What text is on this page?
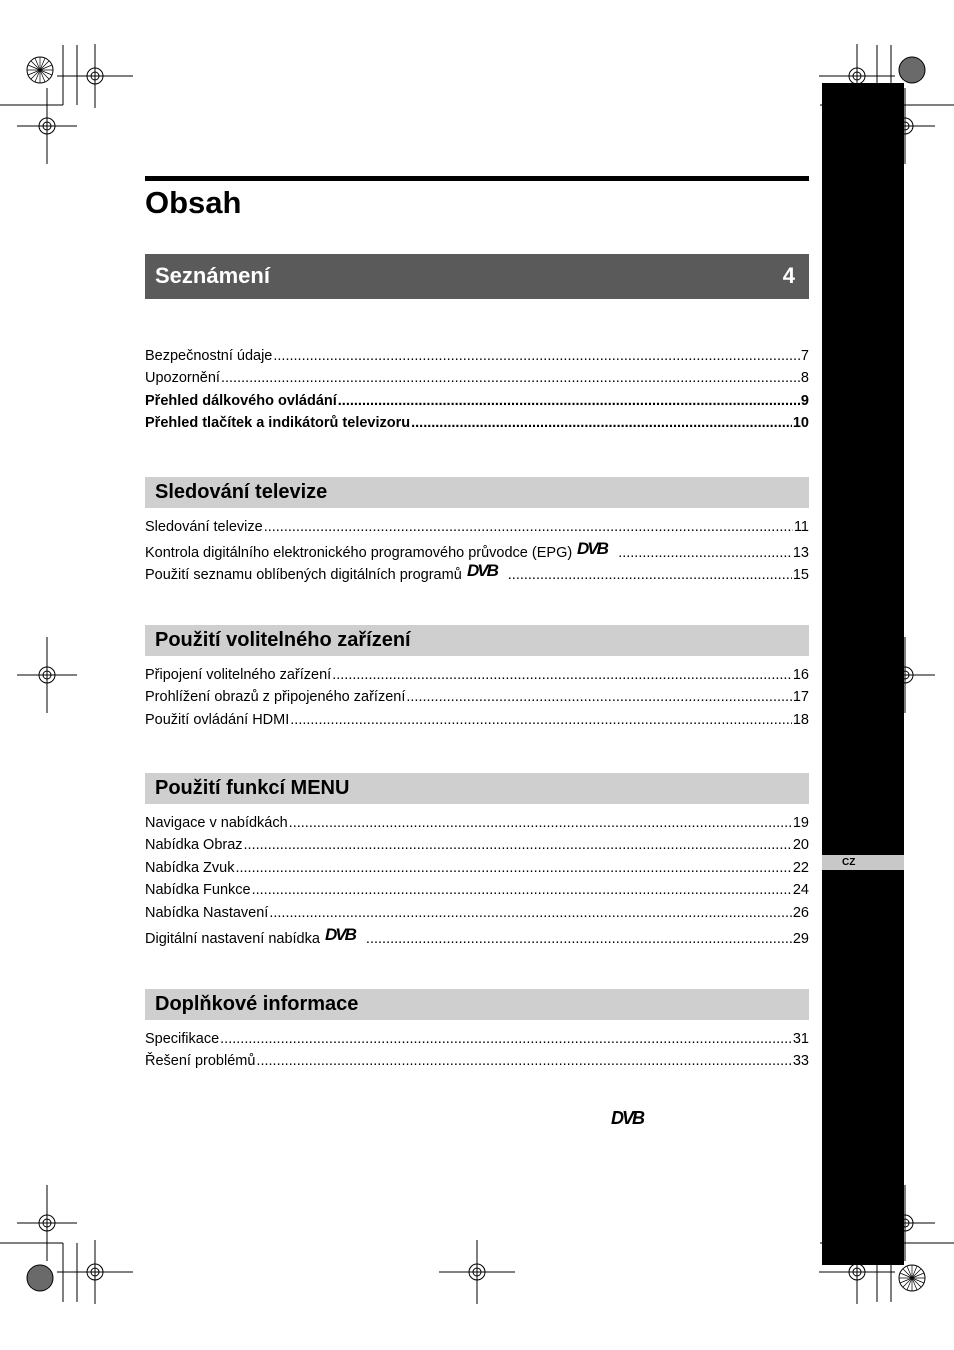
CZ
Obsah
Seznámení	4
Bezpečnostní údaje .....	7
Upozornění .....	8
Přehled dálkového ovládání .....	9
Přehled tlačítek a indikátorů televizoru .....	10
Sledování televize
Sledování televize .....	11
Kontrola digitálního elektronického programového průvodce (EPG) DVB .....	13
Použití seznamu oblíbených digitálních programů DVB .....	15
Použití volitelného zařízení
Připojení volitelného zařízení .....	16
Prohlížení obrazů z připojeného zařízení .....	17
Použití ovládání HDMI .....	18
Použití funkcí MENU
Navigace v nabídkách .....	19
Nabídka Obraz .....	20
Nabídka Zvuk .....	22
Nabídka Funkce .....	24
Nabídka Nastavení .....	26
Digitální nastavení nabídka DVB .....	29
Doplňkové informace
Specifikace .....	31
Řešení problémů .....	33
DVB
